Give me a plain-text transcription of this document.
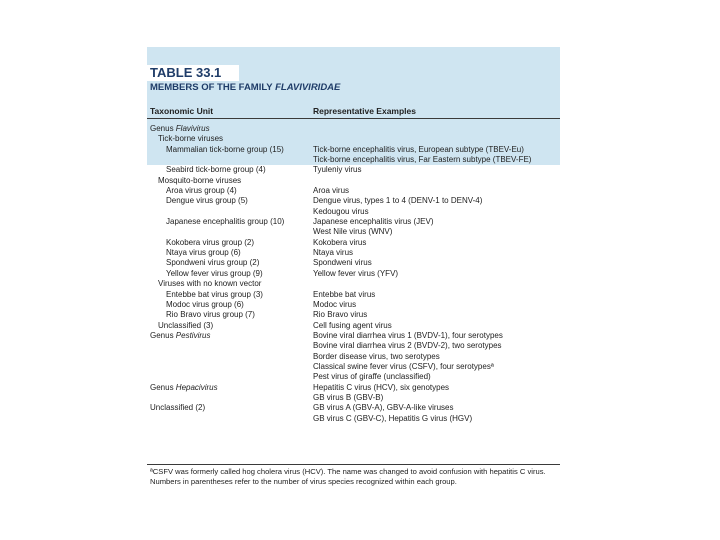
TABLE 33.1
MEMBERS OF THE FAMILY FLAVIVIRIDAE
Taxonomic Unit	Representative Examples
Genus Flavivirus
Tick-borne viruses
Mammalian tick-borne group (15)	Tick-borne encephalitis virus, European subtype (TBEV-Eu)
Tick-borne encephalitis virus, Far Eastern subtype (TBEV-FE)
Seabird tick-borne group (4)	Tyuleniy virus
Mosquito-borne viruses
Aroa virus group (4)	Aroa virus
Dengue virus group (5)	Dengue virus, types 1 to 4 (DENV-1 to DENV-4)
Kedougou virus
Japanese encephalitis group (10)	Japanese encephalitis virus (JEV)
West Nile virus (WNV)
Kokobera virus group (2)	Kokobera virus
Ntaya virus group (6)	Ntaya virus
Spondweni virus group (2)	Spondweni virus
Yellow fever virus group (9)	Yellow fever virus (YFV)
Viruses with no known vector
Entebbe bat virus group (3)	Entebbe bat virus
Modoc virus group (6)	Modoc virus
Rio Bravo virus group (7)	Rio Bravo virus
Unclassified (3)	Cell fusing agent virus
Genus Pestivirus	Bovine viral diarrhea virus 1 (BVDV-1), four serotypes
Bovine viral diarrhea virus 2 (BVDV-2), two serotypes
Border disease virus, two serotypes
Classical swine fever virus (CSFV), four serotypesª
Pest virus of giraffe (unclassified)
Genus Hepacivirus	Hepatitis C virus (HCV), six genotypes
GB virus B (GBV-B)
Unclassified (2)	GB virus A (GBV-A), GBV-A-like viruses
GB virus C (GBV-C), Hepatitis G virus (HGV)
ªCSFV was formerly called hog cholera virus (HCV). The name was changed to avoid confusion with hepatitis C virus. Numbers in parentheses refer to the number of virus species recognized within each group.
